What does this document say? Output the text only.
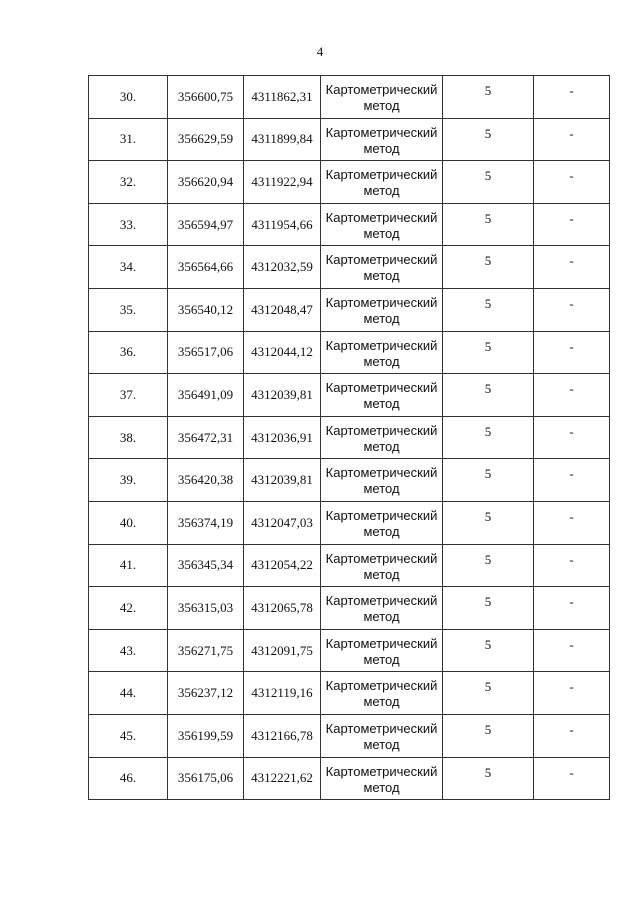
4
30.	356600,75	4311862,31	Картометрический
метод	5	-
31.	356629,59	4311899,84	Картометрический
метод	5	-
32.	356620,94	4311922,94	Картометрический
метод	5	-
33.	356594,97	4311954,66	Картометрический
метод	5	-
34.	356564,66	4312032,59	Картометрический
метод	5	-
35.	356540,12	4312048,47	Картометрический
метод	5	-
36.	356517,06	4312044,12	Картометрический
метод	5	-
37.	356491,09	4312039,81	Картометрический
метод	5	-
38.	356472,31	4312036,91	Картометрический
метод	5	-
39.	356420,38	4312039,81	Картометрический
метод	5	-
40.	356374,19	4312047,03	Картометрический
метод	5	-
41.	356345,34	4312054,22	Картометрический
метод	5	-
42.	356315,03	4312065,78	Картометрический
метод	5	-
43.	356271,75	4312091,75	Картометрический
метод	5	-
44.	356237,12	4312119,16	Картометрический
метод	5	-
45.	356199,59	4312166,78	Картометрический
метод	5	-
46.	356175,06	4312221,62	Картометрический
метод	5	-
